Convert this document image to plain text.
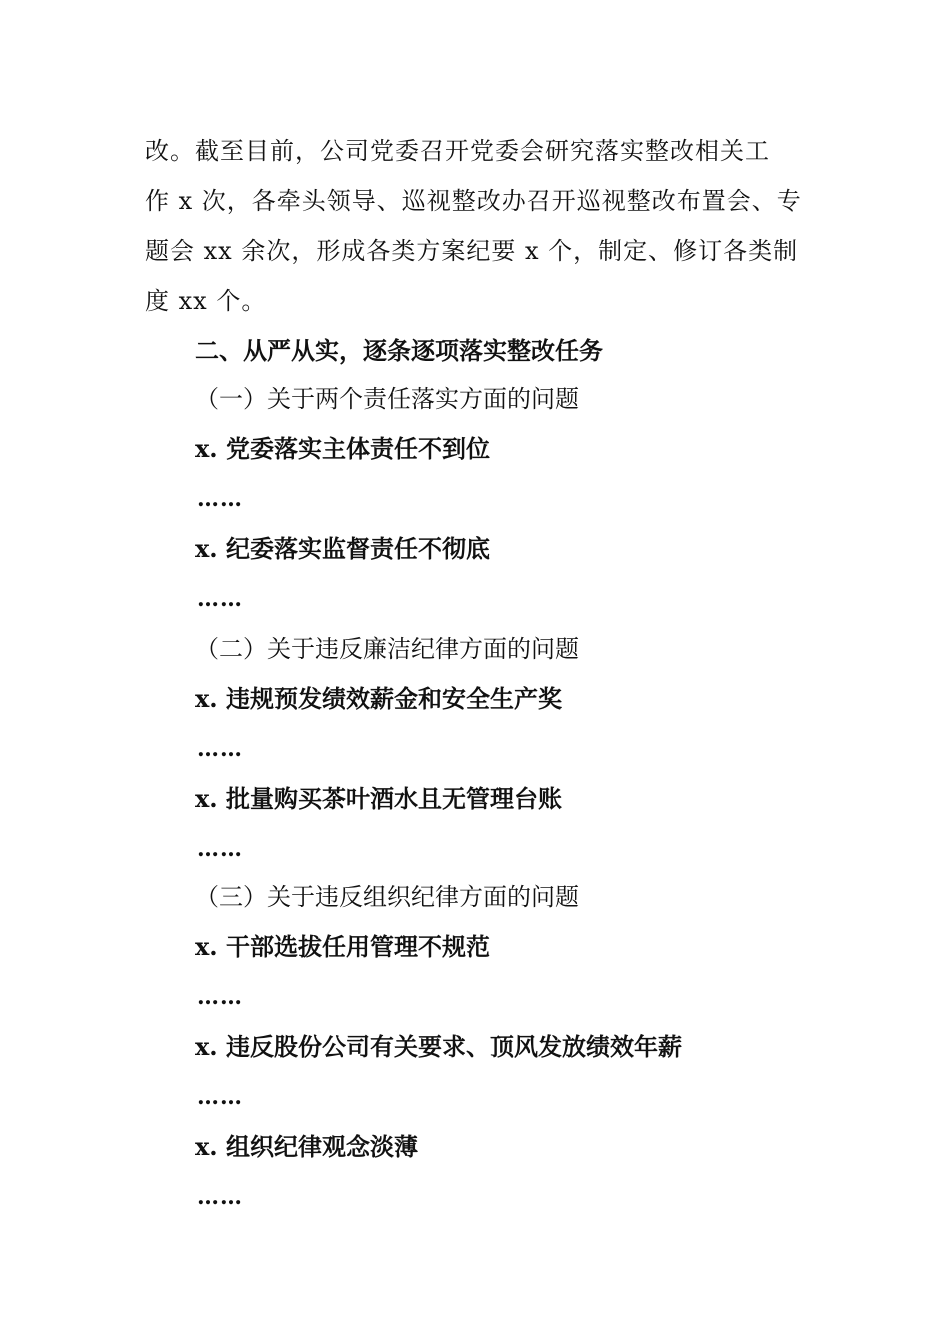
改。截至目前，公司党委召开党委会研究落实整改相关工
作 x 次，各牵头领导、巡视整改办召开巡视整改布置会、专
题会 xx 余次，形成各类方案纪要 x 个，制定、修订各类制
度 xx 个。
二、从严从实，逐条逐项落实整改任务
（一）关于两个责任落实方面的问题
x. 党委落实主体责任不到位
……
x. 纪委落实监督责任不彻底
……
（二）关于违反廉洁纪律方面的问题
x. 违规预发绩效薪金和安全生产奖
……
x. 批量购买茶叶酒水且无管理台账
……
（三）关于违反组织纪律方面的问题
x. 干部选拔任用管理不规范
……
x. 违反股份公司有关要求、顶风发放绩效年薪
……
x. 组织纪律观念淡薄
……
